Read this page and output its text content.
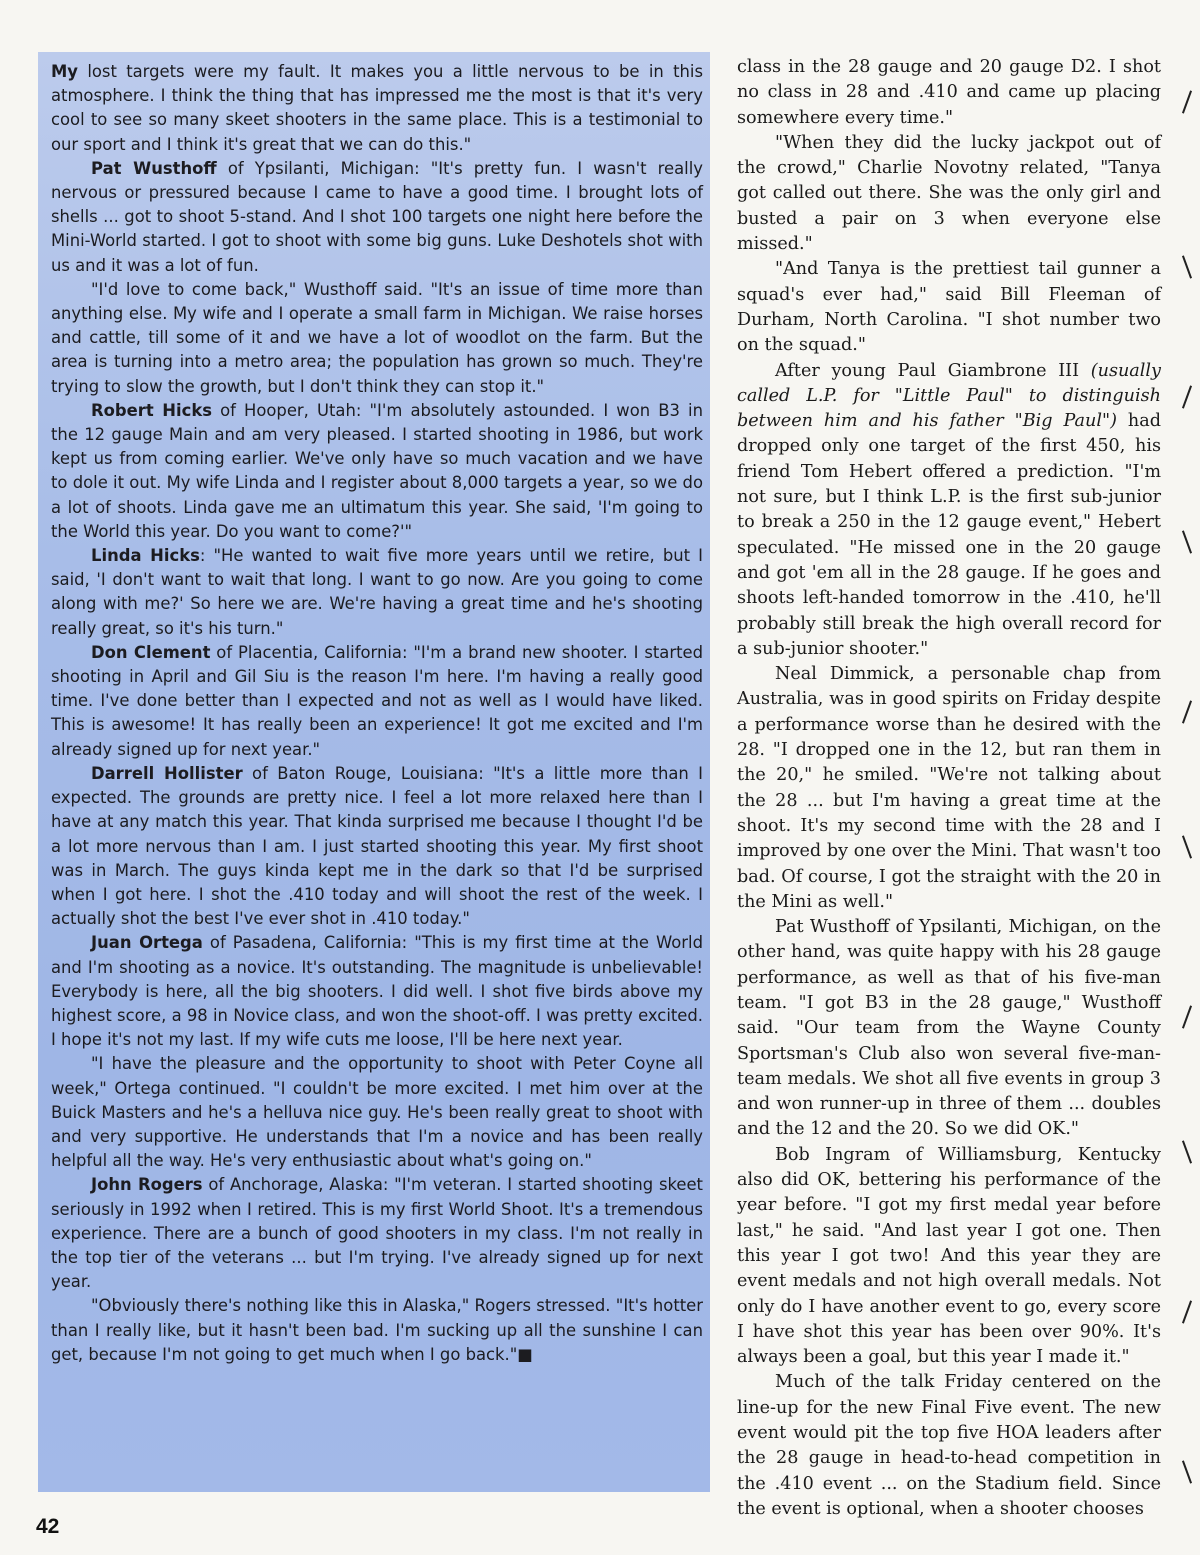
My lost targets were my fault. It makes you a little nervous to be in this atmosphere. I think the thing that has impressed me the most is that it's very cool to see so many skeet shooters in the same place. This is a testimonial to our sport and I think it's great that we can do this."

Pat Wusthoff of Ypsilanti, Michigan: "It's pretty fun. I wasn't really nervous or pressured because I came to have a good time. I brought lots of shells ... got to shoot 5-stand. And I shot 100 targets one night here before the Mini-World started. I got to shoot with some big guns. Luke Deshotels shot with us and it was a lot of fun.

"I'd love to come back," Wusthoff said. "It's an issue of time more than anything else. My wife and I operate a small farm in Michigan. We raise horses and cattle, till some of it and we have a lot of woodlot on the farm. But the area is turning into a metro area; the population has grown so much. They're trying to slow the growth, but I don't think they can stop it."

Robert Hicks of Hooper, Utah: "I'm absolutely astounded. I won B3 in the 12 gauge Main and am very pleased. I started shooting in 1986, but work kept us from coming earlier. We've only have so much vacation and we have to dole it out. My wife Linda and I register about 8,000 targets a year, so we do a lot of shoots. Linda gave me an ultimatum this year. She said, 'I'm going to the World this year. Do you want to come?'"

Linda Hicks: "He wanted to wait five more years until we retire, but I said, 'I don't want to wait that long. I want to go now. Are you going to come along with me?' So here we are. We're having a great time and he's shooting really great, so it's his turn."

Don Clement of Placentia, California: "I'm a brand new shooter. I started shooting in April and Gil Siu is the reason I'm here. I'm having a really good time. I've done better than I expected and not as well as I would have liked. This is awesome! It has really been an experience! It got me excited and I'm already signed up for next year."

Darrell Hollister of Baton Rouge, Louisiana: "It's a little more than I expected. The grounds are pretty nice. I feel a lot more relaxed here than I have at any match this year. That kinda surprised me because I thought I'd be a lot more nervous than I am. I just started shooting this year. My first shoot was in March. The guys kinda kept me in the dark so that I'd be surprised when I got here. I shot the .410 today and will shoot the rest of the week. I actually shot the best I've ever shot in .410 today."

Juan Ortega of Pasadena, California: "This is my first time at the World and I'm shooting as a novice. It's outstanding. The magnitude is unbelievable! Everybody is here, all the big shooters. I did well. I shot five birds above my highest score, a 98 in Novice class, and won the shoot-off. I was pretty excited. I hope it's not my last. If my wife cuts me loose, I'll be here next year.

"I have the pleasure and the opportunity to shoot with Peter Coyne all week," Ortega continued. "I couldn't be more excited. I met him over at the Buick Masters and he's a helluva nice guy. He's been really great to shoot with and very supportive. He understands that I'm a novice and has been really helpful all the way. He's very enthusiastic about what's going on."

John Rogers of Anchorage, Alaska: "I'm veteran. I started shooting skeet seriously in 1992 when I retired. This is my first World Shoot. It's a tremendous experience. There are a bunch of good shooters in my class. I'm not really in the top tier of the veterans ... but I'm trying. I've already signed up for next year.

"Obviously there's nothing like this in Alaska," Rogers stressed. "It's hotter than I really like, but it hasn't been bad. I'm sucking up all the sunshine I can get, because I'm not going to get much when I go back."■

class in the 28 gauge and 20 gauge D2. I shot no class in 28 and .410 and came up placing somewhere every time."

"When they did the lucky jackpot out of the crowd," Charlie Novotny related, "Tanya got called out there. She was the only girl and busted a pair on 3 when everyone else missed."

"And Tanya is the prettiest tail gunner a squad's ever had," said Bill Fleeman of Durham, North Carolina. "I shot number two on the squad."

After young Paul Giambrone III (usually called L.P. for "Little Paul" to distinguish between him and his father "Big Paul") had dropped only one target of the first 450, his friend Tom Hebert offered a prediction. "I'm not sure, but I think L.P. is the first sub-junior to break a 250 in the 12 gauge event," Hebert speculated. "He missed one in the 20 gauge and got 'em all in the 28 gauge. If he goes and shoots left-handed tomorrow in the .410, he'll probably still break the high overall record for a sub-junior shooter."

Neal Dimmick, a personable chap from Australia, was in good spirits on Friday despite a performance worse than he desired with the 28. "I dropped one in the 12, but ran them in the 20," he smiled. "We're not talking about the 28 ... but I'm having a great time at the shoot. It's my second time with the 28 and I improved by one over the Mini. That wasn't too bad. Of course, I got the straight with the 20 in the Mini as well."

Pat Wusthoff of Ypsilanti, Michigan, on the other hand, was quite happy with his 28 gauge performance, as well as that of his five-man team. "I got B3 in the 28 gauge," Wusthoff said. "Our team from the Wayne County Sportsman's Club also won several five-man-team medals. We shot all five events in group 3 and won runner-up in three of them ... doubles and the 12 and the 20. So we did OK."

Bob Ingram of Williamsburg, Kentucky also did OK, bettering his performance of the year before. "I got my first medal year before last," he said. "And last year I got one. Then this year I got two! And this year they are event medals and not high overall medals. Not only do I have another event to go, every score I have shot this year has been over 90%. It's always been a goal, but this year I made it."

Much of the talk Friday centered on the line-up for the new Final Five event. The new event would pit the top five HOA leaders after the 28 gauge in head-to-head competition in the .410 event ... on the Stadium field. Since the event is optional, when a shooter chooses

42
